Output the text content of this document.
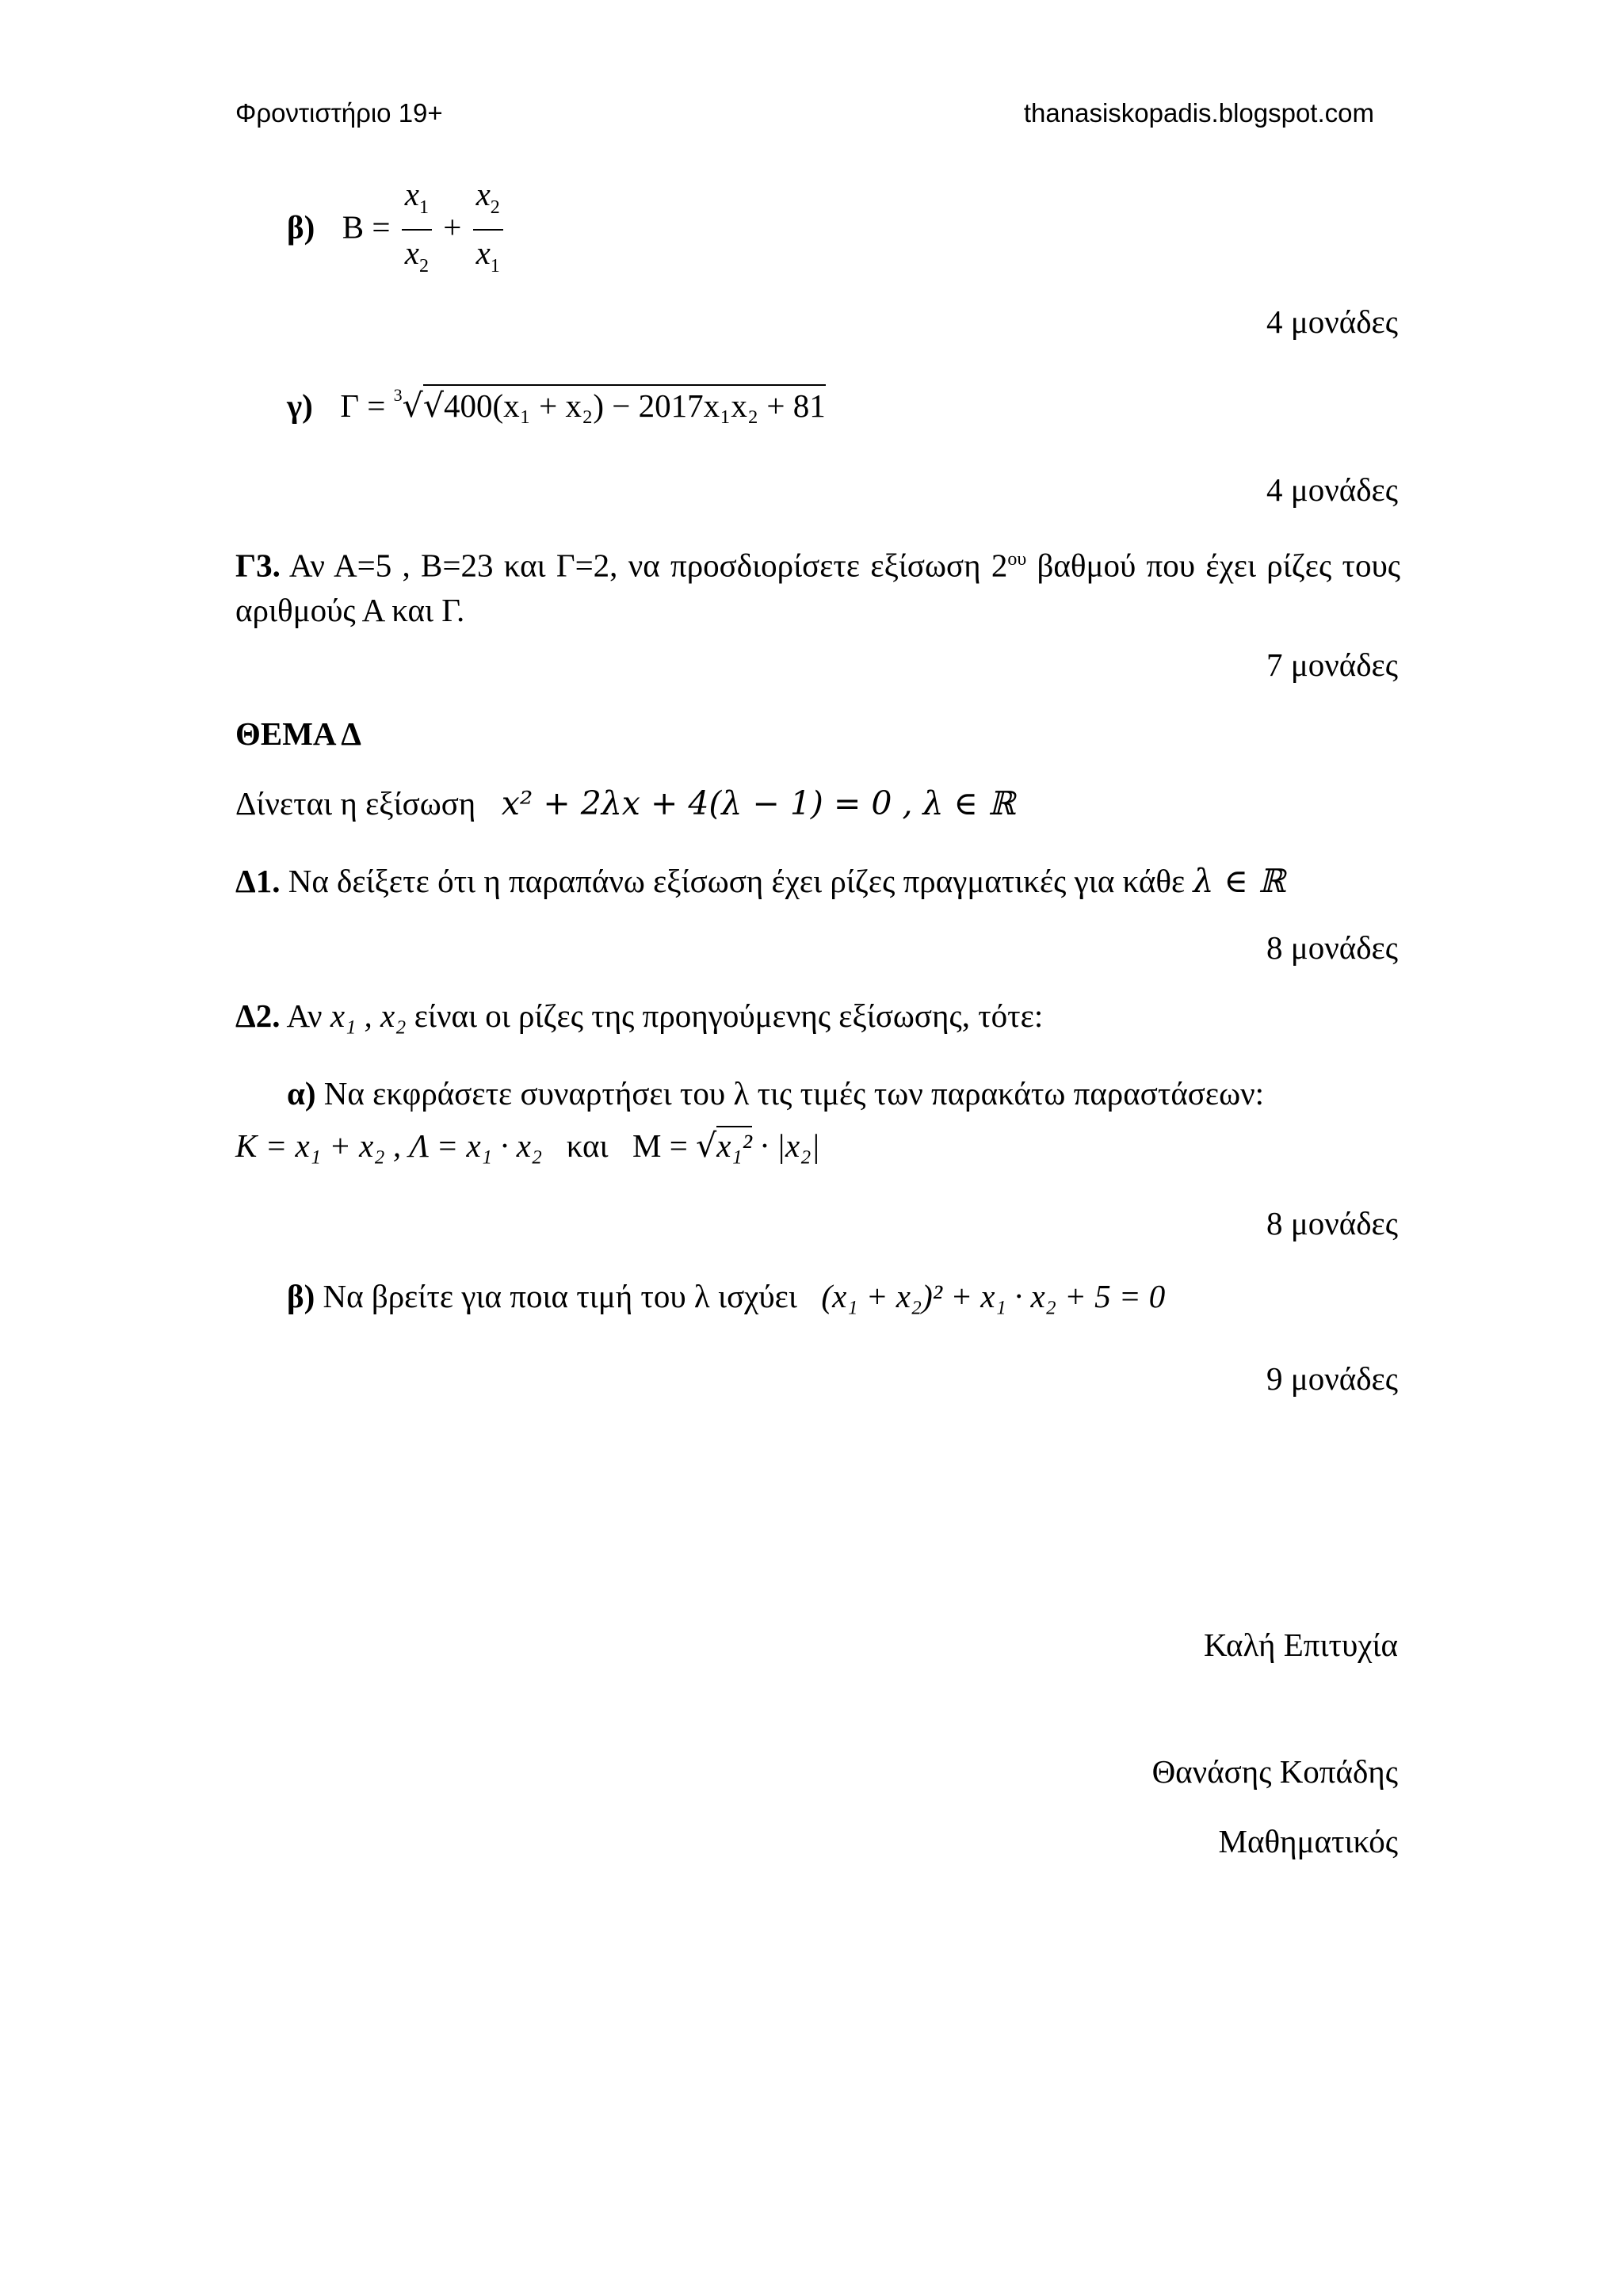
Φροντιστήριο 19+	thanasiskopadis.blogspot.com
β) $B = \frac{x_1}{x_2} + \frac{x_2}{x_1}$
4 μονάδες
γ) Γ = $^3$√√400(x₁ + x₂) − 2017x₁x₂ + 81
4 μονάδες
Γ3. Αν Α=5 , Β=23 και Γ=2, να προσδιορίσετε εξίσωση $2^{o\upsilon}$ βαθμού που έχει ρίζες τους αριθμούς Α και Γ.
7 μονάδες
ΘΕΜΑ Δ
Δίνεται η εξίσωση x² + 2λx + 4(λ − 1) = 0 , λ ∈ ℝ
Δ1. Να δείξετε ότι η παραπάνω εξίσωση έχει ρίζες πραγματικές για κάθε λ ∈ ℝ
8 μονάδες
Δ2. Αν x₁ , x₂ είναι οι ρίζες της προηγούμενης εξίσωσης, τότε:
α) Να εκφράσετε συναρτήσει του λ τις τιμές των παρακάτω παραστάσεων:
Κ = x₁ + x₂ , Λ = x₁ · x₂ και Μ = √x₁² · |x₂|
8 μονάδες
β) Να βρείτε για ποια τιμή του λ ισχύει (x₁ + x₂)² + x₁ · x₂ + 5 = 0
9 μονάδες
Καλή Επιτυχία
Θανάσης Κοπάδης
Μαθηματικός
